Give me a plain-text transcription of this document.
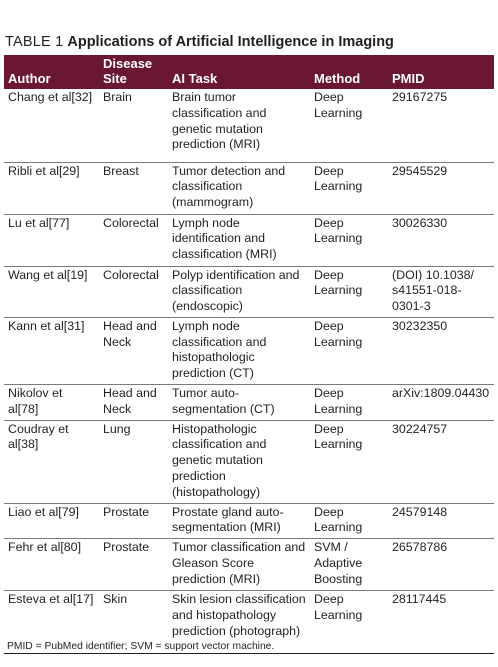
TABLE 1 Applications of Artificial Intelligence in Imaging
Author	Disease Site	AI Task	Method	PMID
Chang et al[32]	Brain	Brain tumor classification and genetic mutation prediction (MRI)	Deep Learning	29167275
Ribli et al[29]	Breast	Tumor detection and classification (mammogram)	Deep Learning	29545529
Lu et al[77]	Colorectal	Lymph node identification and classification (MRI)	Deep Learning	30026330
Wang et al[19]	Colorectal	Polyp identification and classification (endoscopic)	Deep Learning	(DOI) 10.1038/ s41551-018- 0301-3
Kann et al[31]	Head and Neck	Lymph node classification and histopathologic prediction (CT)	Deep Learning	30232350
Nikolov et al[78]	Head and Neck	Tumor auto- segmentation (CT)	Deep Learning	arXiv:1809.04430
Coudray et al[38]	Lung	Histopathologic classification and genetic mutation prediction (histopathology)	Deep Learning	30224757
Liao et al[79]	Prostate	Prostate gland auto- segmentation (MRI)	Deep Learning	24579148
Fehr et al[80]	Prostate	Tumor classification and Gleason Score prediction (MRI)	SVM / Adaptive Boosting	26578786
Esteva et al[17]	Skin	Skin lesion classification and histopathology prediction (photograph)	Deep Learning	28117445
PMID = PubMed identifier; SVM = support vector machine.
